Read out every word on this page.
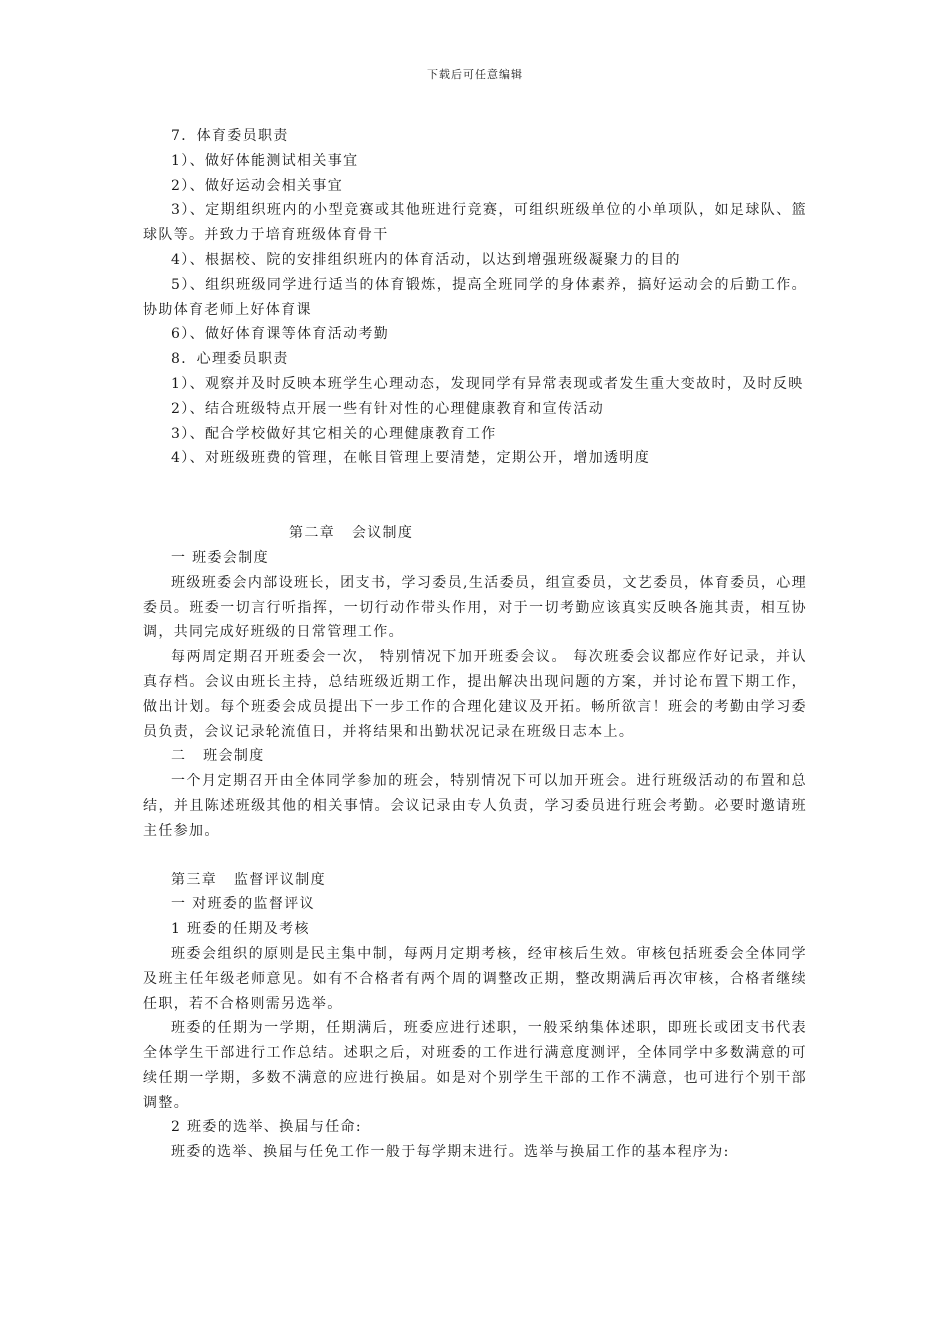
下载后可任意编辑

7．体育委员职责

1）、做好体能测试相关事宜

2）、做好运动会相关事宜

3）、定期组织班内的小型竞赛或其他班进行竞赛，可组织班级单位的小单项队，如足球队、篮球队等。并致力于培育班级体育骨干

4）、根据校、院的安排组织班内的体育活动，以达到增强班级凝聚力的目的

5）、组织班级同学进行适当的体育锻炼，提高全班同学的身体素养，搞好运动会的后勤工作。协助体育老师上好体育课

6）、做好体育课等体育活动考勤

8．心理委员职责

1）、观察并及时反映本班学生心理动态，发现同学有异常表现或者发生重大变故时，及时反映

2）、结合班级特点开展一些有针对性的心理健康教育和宣传活动

3）、配合学校做好其它相关的心理健康教育工作

4）、对班级班费的管理，在帐目管理上要清楚，定期公开，增加透明度

第二章 会议制度

一 班委会制度

班级班委会内部设班长，团支书，学习委员,生活委员，组宣委员，文艺委员，体育委员，心理委员。班委一切言行听指挥，一切行动作带头作用，对于一切考勤应该真实反映各施其责，相互协调，共同完成好班级的日常管理工作。

每两周定期召开班委会一次， 特别情况下加开班委会议。 每次班委会议都应作好记录，并认真存档。会议由班长主持，总结班级近期工作，提出解决出现问题的方案，并讨论布置下期工作，做出计划。每个班委会成员提出下一步工作的合理化建议及开拓。畅所欲言！班会的考勤由学习委员负责，会议记录轮流值日，并将结果和出勤状况记录在班级日志本上。

二 班会制度

一个月定期召开由全体同学参加的班会，特别情况下可以加开班会。进行班级活动的布置和总结，并且陈述班级其他的相关事情。会议记录由专人负责，学习委员进行班会考勤。必要时邀请班主任参加。

第三章 监督评议制度

一 对班委的监督评议

1 班委的任期及考核

班委会组织的原则是民主集中制，每两月定期考核，经审核后生效。审核包括班委会全体同学及班主任年级老师意见。如有不合格者有两个周的调整改正期，整改期满后再次审核，合格者继续任职，若不合格则需另选举。

班委的任期为一学期，任期满后，班委应进行述职，一般采纳集体述职，即班长或团支书代表全体学生干部进行工作总结。述职之后，对班委的工作进行满意度测评，全体同学中多数满意的可续任期一学期，多数不满意的应进行换届。如是对个别学生干部的工作不满意，也可进行个别干部调整。

2 班委的选举、换届与任命:

班委的选举、换届与任免工作一般于每学期末进行。选举与换届工作的基本程序为:
